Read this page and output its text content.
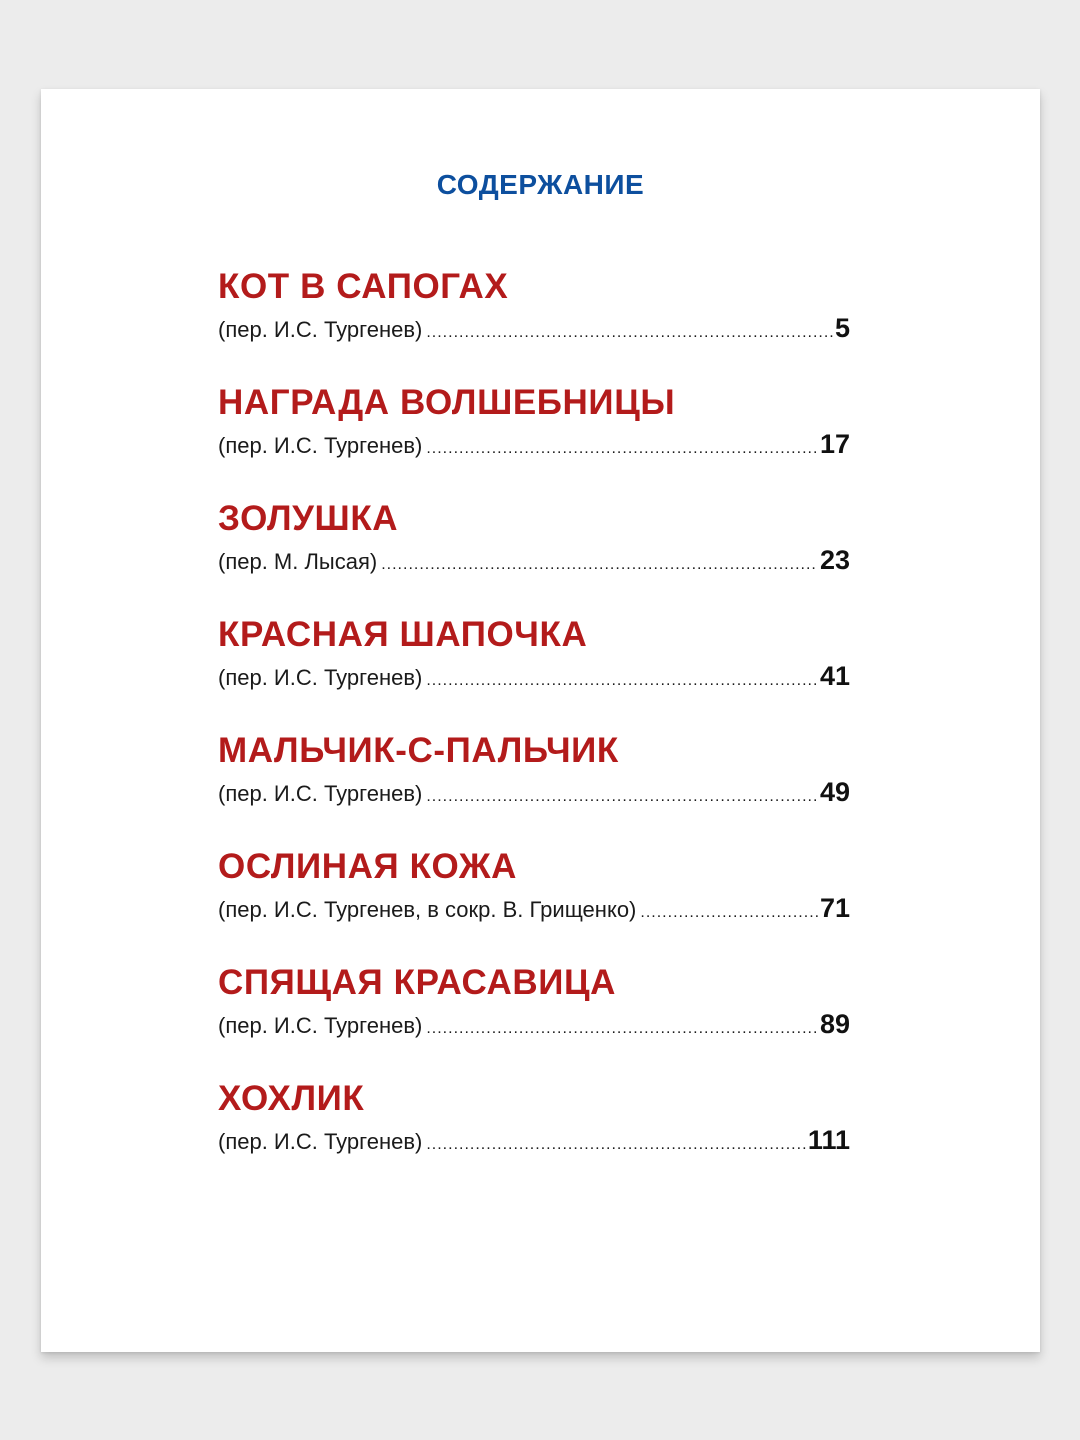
СОДЕРЖАНИЕ
КОТ В САПОГАХ
(пер. И.С. Тургенев) .....	5
НАГРАДА ВОЛШЕБНИЦЫ
(пер. И.С. Тургенев) .....	17
ЗОЛУШКА
(пер. М. Лысая) .....	23
КРАСНАЯ ШАПОЧКА
(пер. И.С. Тургенев) .....	41
МАЛЬЧИК-С-ПАЛЬЧИК
(пер. И.С. Тургенев) .....	49
ОСЛИНАЯ КОЖА
(пер. И.С. Тургенев, в сокр. В. Грищенко) .....	71
СПЯЩАЯ КРАСАВИЦА
(пер. И.С. Тургенев) .....	89
ХОХЛИК
(пер. И.С. Тургенев) .....	111
